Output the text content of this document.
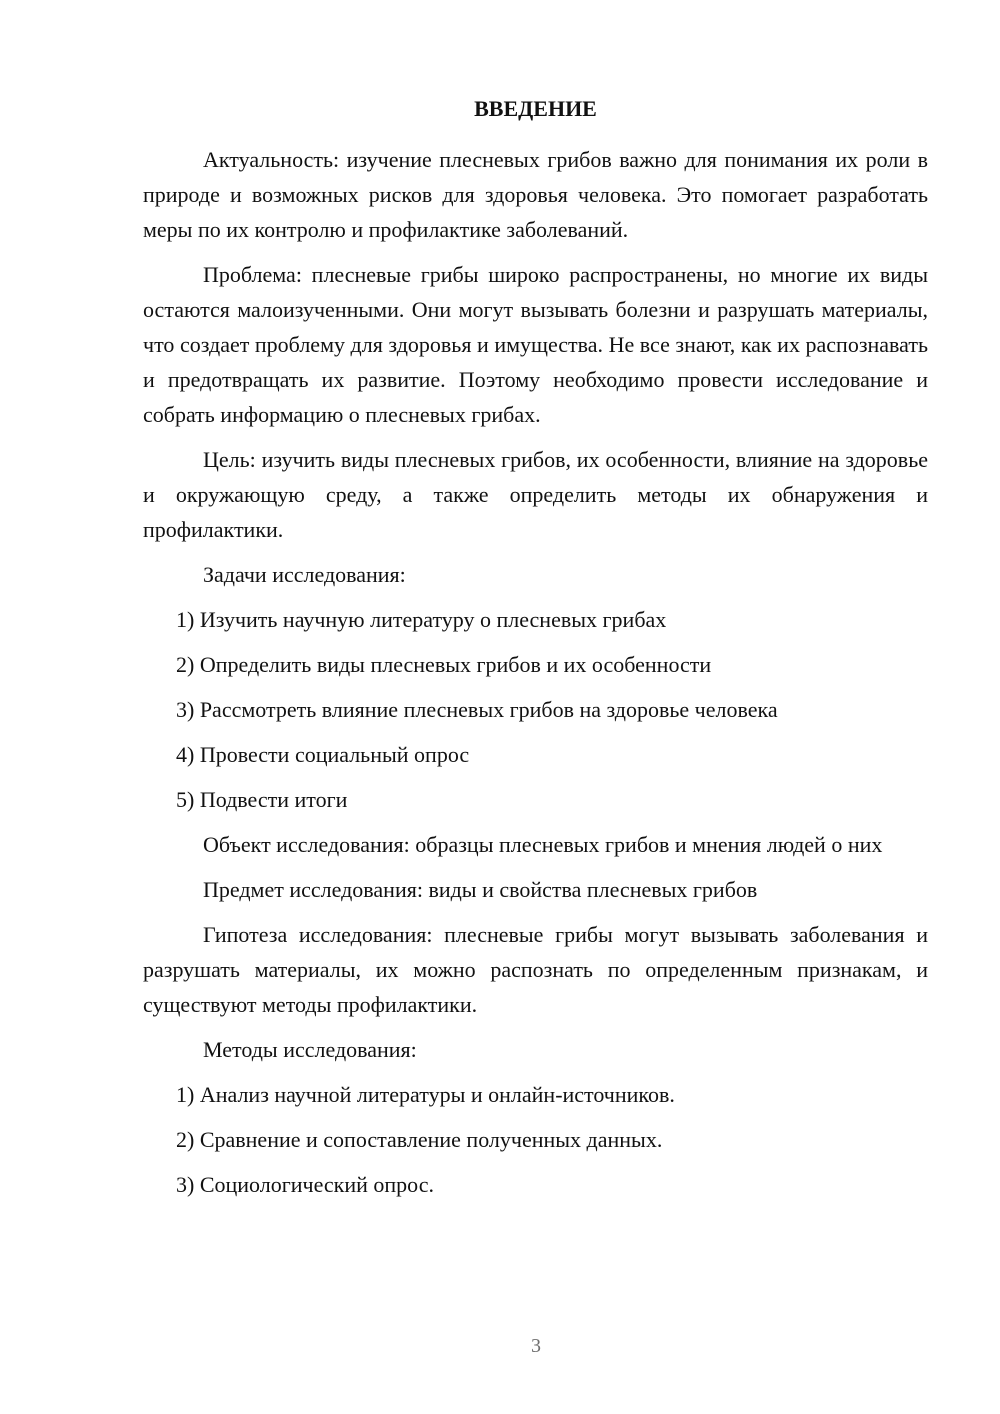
ВВЕДЕНИЕ

Актуальность: изучение плесневых грибов важно для понимания их роли в природе и возможных рисков для здоровья человека. Это помогает разработать меры по их контролю и профилактике заболеваний.

Проблема: плесневые грибы широко распространены, но многие их виды остаются малоизученными. Они могут вызывать болезни и разрушать материалы, что создает проблему для здоровья и имущества. Не все знают, как их распознавать и предотвращать их развитие. Поэтому необходимо провести исследование и собрать информацию о плесневых грибах.

Цель: изучить виды плесневых грибов, их особенности, влияние на здоровье и окружающую среду, а также определить методы их обнаружения и профилактики.

Задачи исследования:
1) Изучить научную литературу о плесневых грибах
2) Определить виды плесневых грибов и их особенности
3) Рассмотреть влияние плесневых грибов на здоровье человека
4) Провести социальный опрос
5) Подвести итоги

Объект исследования: образцы плесневых грибов и мнения людей о них

Предмет исследования: виды и свойства плесневых грибов

Гипотеза исследования: плесневые грибы могут вызывать заболевания и разрушать материалы, их можно распознать по определенным признакам, и существуют методы профилактики.

Методы исследования:
1) Анализ научной литературы и онлайн-источников.
2) Сравнение и сопоставление полученных данных.
3) Социологический опрос.
3
